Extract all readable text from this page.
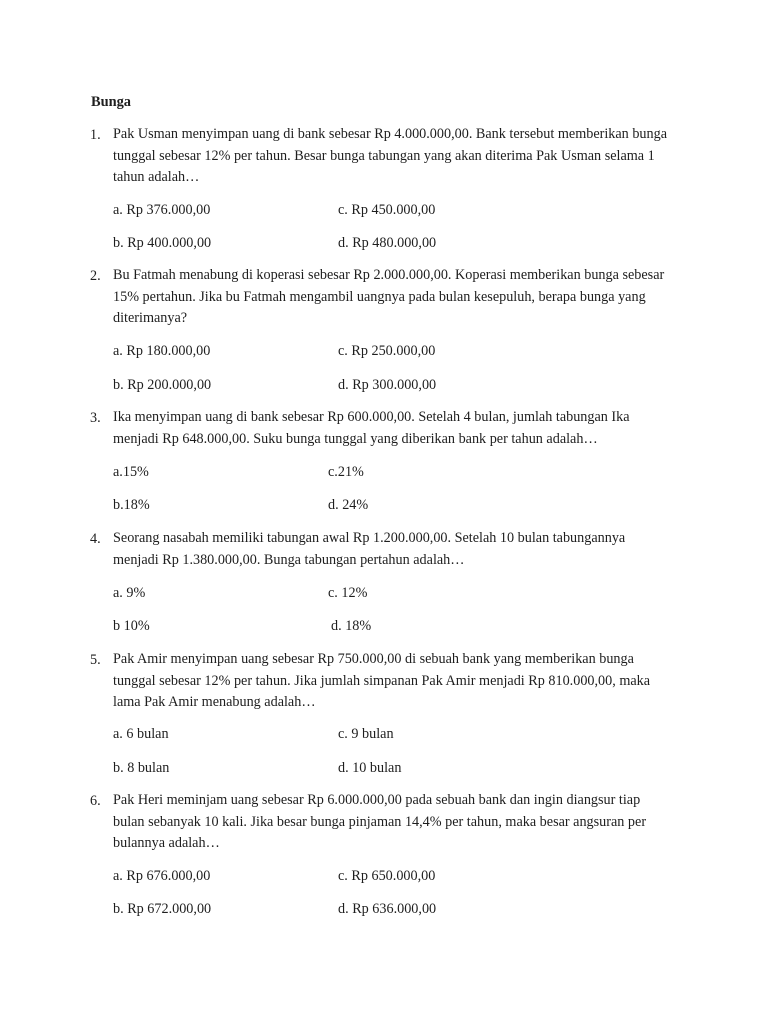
Bunga
1. Pak Usman menyimpan uang di bank sebesar Rp 4.000.000,00. Bank tersebut memberikan bunga tunggal sebesar 12% per tahun. Besar bunga tabungan yang akan diterima Pak Usman selama 1 tahun adalah…
a. Rp 376.000,00	c. Rp 450.000,00
b. Rp 400.000,00	d. Rp 480.000,00
2. Bu Fatmah menabung di koperasi sebesar Rp 2.000.000,00. Koperasi memberikan bunga sebesar 15% pertahun. Jika bu Fatmah mengambil uangnya pada bulan kesepuluh, berapa bunga yang diterimanya?
a. Rp 180.000,00	c. Rp 250.000,00
b. Rp 200.000,00	d. Rp 300.000,00
3. Ika menyimpan uang di bank sebesar Rp 600.000,00. Setelah 4 bulan, jumlah tabungan Ika menjadi Rp 648.000,00. Suku bunga tunggal yang diberikan bank per tahun adalah…
a.15%	c.21%
b.18%	d. 24%
4. Seorang nasabah memiliki tabungan awal Rp 1.200.000,00. Setelah 10 bulan tabungannya menjadi Rp 1.380.000,00. Bunga tabungan pertahun adalah…
a. 9%	c. 12%
b 10%	d. 18%
5. Pak Amir menyimpan uang sebesar Rp 750.000,00 di sebuah bank yang memberikan bunga tunggal sebesar 12% per tahun. Jika jumlah simpanan Pak Amir menjadi Rp 810.000,00, maka lama Pak Amir menabung adalah…
a. 6 bulan	c. 9 bulan
b. 8 bulan	d. 10 bulan
6. Pak Heri meminjam uang sebesar Rp 6.000.000,00 pada sebuah bank dan ingin diangsur tiap bulan sebanyak 10 kali. Jika besar bunga pinjaman 14,4% per tahun, maka besar angsuran per bulannya adalah…
a. Rp 676.000,00	c. Rp 650.000,00
b. Rp 672.000,00	d. Rp 636.000,00
